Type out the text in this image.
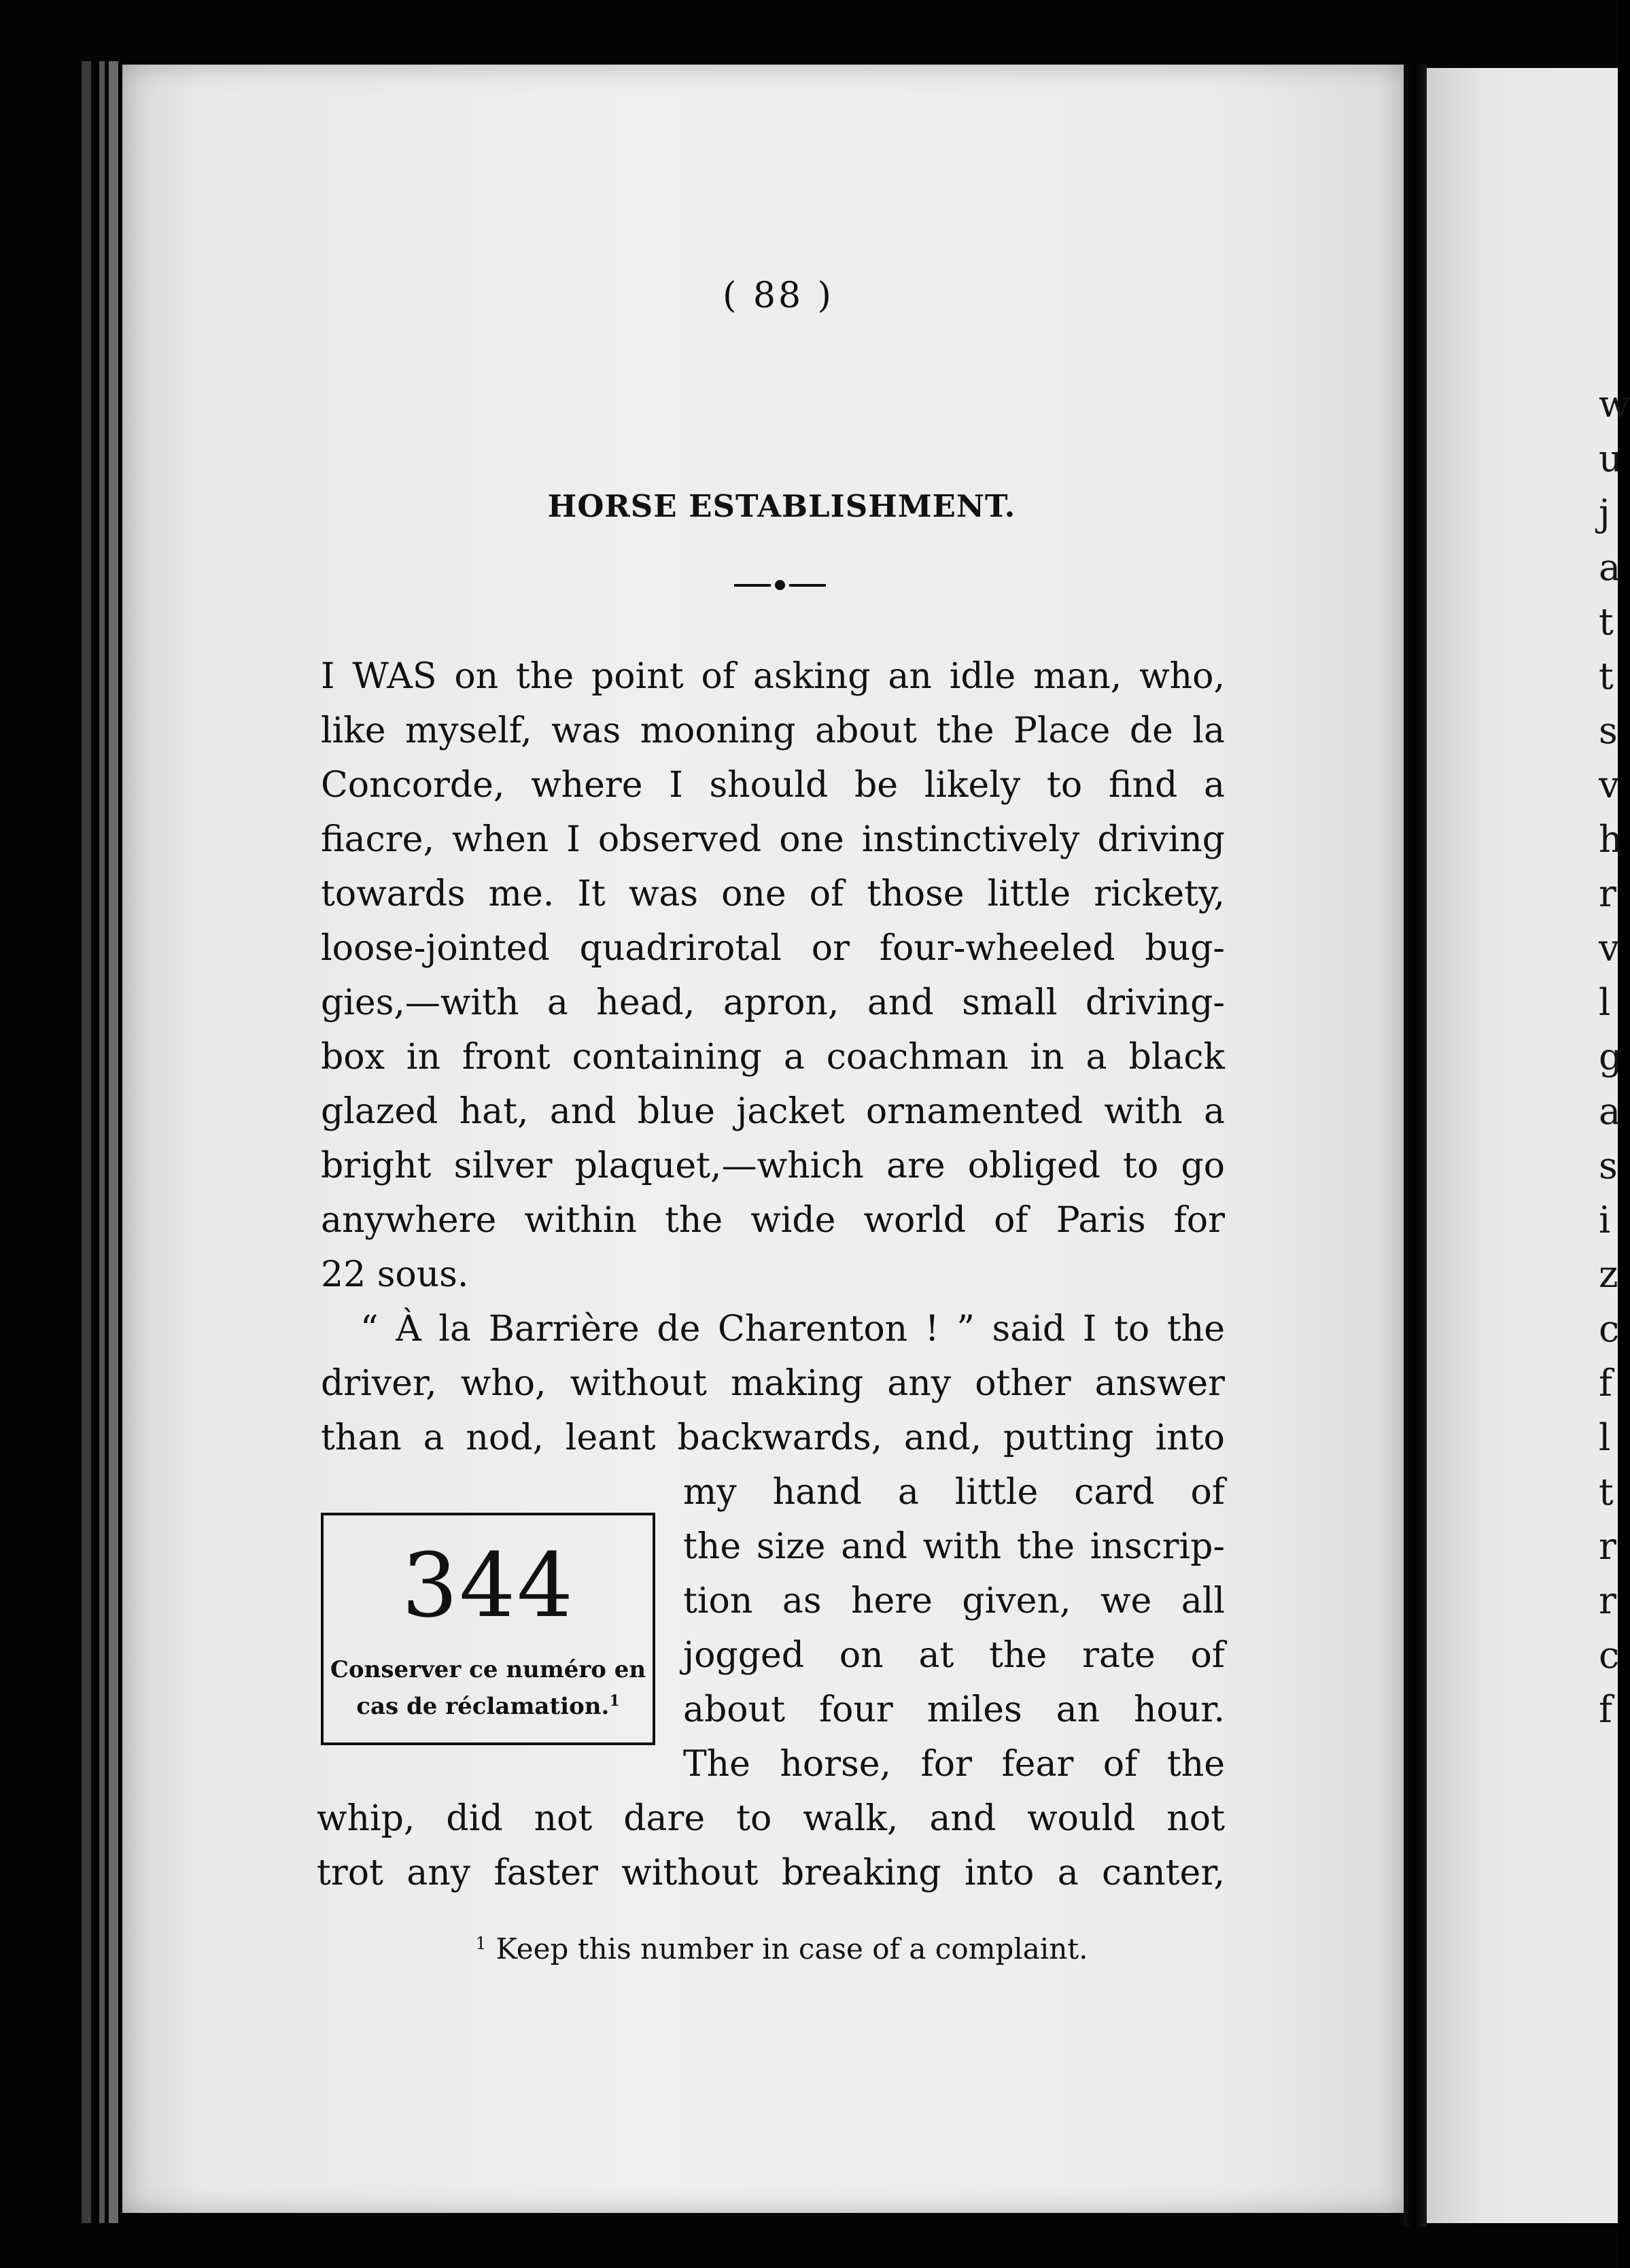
w
u
j
a
t
t
s
v
h
r
v
l
g
a
s
i
z
c
f
l
t
r
r
c
f
( 88 )
HORSE ESTABLISHMENT.
I WAS on the point of asking an idle man, who,
like myself, was mooning about the Place de la
Concorde, where I should be likely to find a
fiacre, when I observed one instinctively driving
towards me. It was one of those little rickety,
loose-jointed quadrirotal or four-wheeled bug-
gies,—with a head, apron, and small driving-
box in front containing a coachman in a black
glazed hat, and blue jacket ornamented with a
bright silver plaquet,—which are obliged to go
anywhere within the wide world of Paris for
22 sous.
“ À la Barrière de Charenton ! ” said I to the
driver, who, without making any other answer
than a nod, leant backwards, and, putting into
my hand a little card of
the size and with the inscrip-
tion as here given, we all
jogged on at the rate of
about four miles an hour.
The horse, for fear of the
whip, did not dare to walk, and would not
trot any faster without breaking into a canter,
344
Conserver ce numéro en
cas de réclamation.$^1$
$^1$ Keep this number in case of a complaint.
